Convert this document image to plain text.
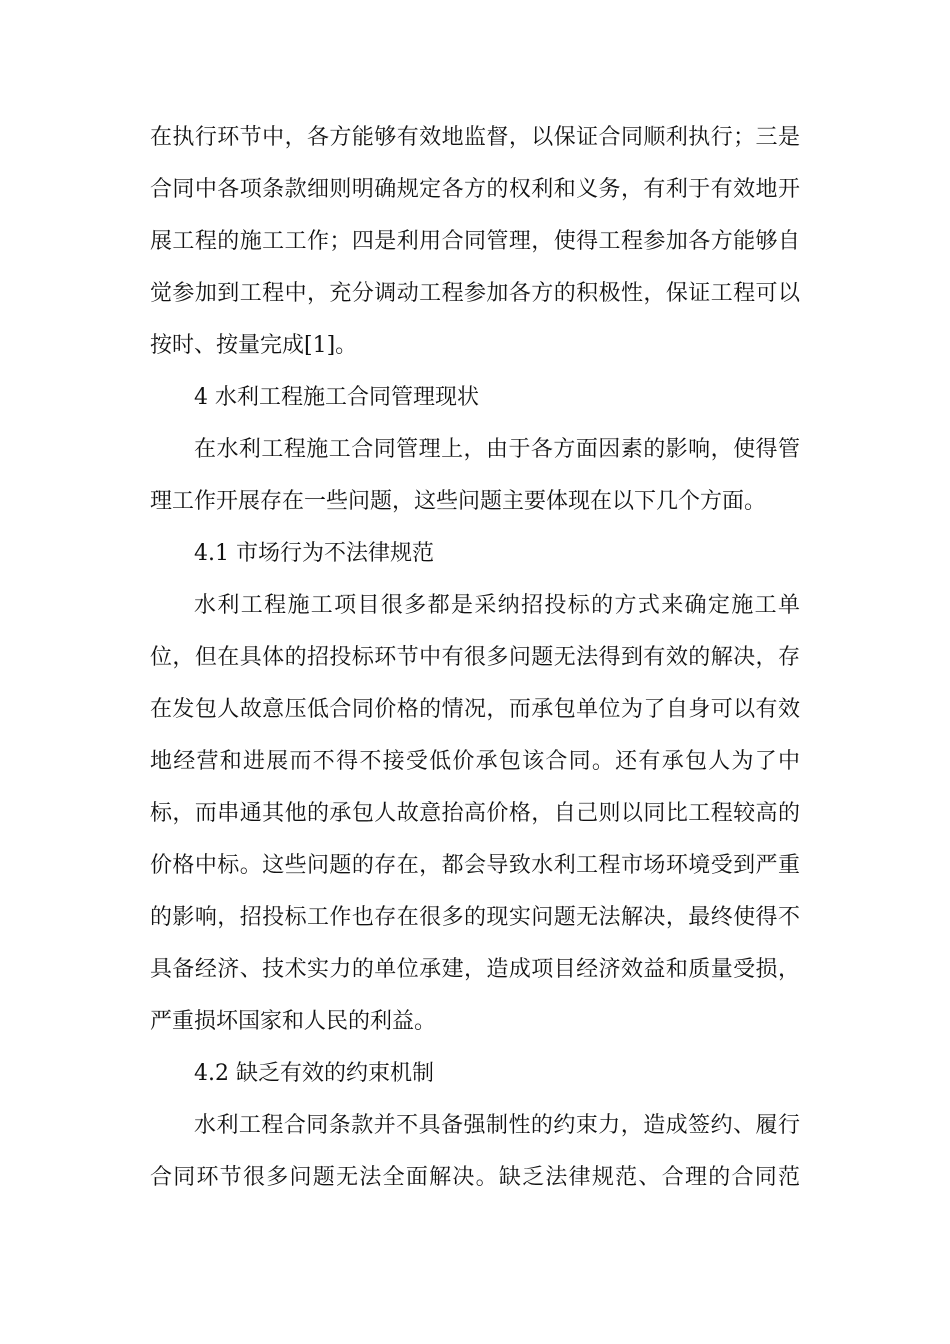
在执行环节中，各方能够有效地监督，以保证合同顺利执行；三是
合同中各项条款细则明确规定各方的权利和义务，有利于有效地开
展工程的施工工作；四是利用合同管理，使得工程参加各方能够自
觉参加到工程中，充分调动工程参加各方的积极性，保证工程可以
按时、按量完成[1]。
4 水利工程施工合同管理现状
在水利工程施工合同管理上，由于各方面因素的影响，使得管
理工作开展存在一些问题，这些问题主要体现在以下几个方面。
4.1 市场行为不法律规范
水利工程施工项目很多都是采纳招投标的方式来确定施工单
位，但在具体的招投标环节中有很多问题无法得到有效的解决，存
在发包人故意压低合同价格的情况，而承包单位为了自身可以有效
地经营和进展而不得不接受低价承包该合同。还有承包人为了中
标，而串通其他的承包人故意抬高价格，自己则以同比工程较高的
价格中标。这些问题的存在，都会导致水利工程市场环境受到严重
的影响，招投标工作也存在很多的现实问题无法解决，最终使得不
具备经济、技术实力的单位承建，造成项目经济效益和质量受损，
严重损坏国家和人民的利益。
4.2 缺乏有效的约束机制
水利工程合同条款并不具备强制性的约束力，造成签约、履行
合同环节很多问题无法全面解决。缺乏法律规范、合理的合同范
